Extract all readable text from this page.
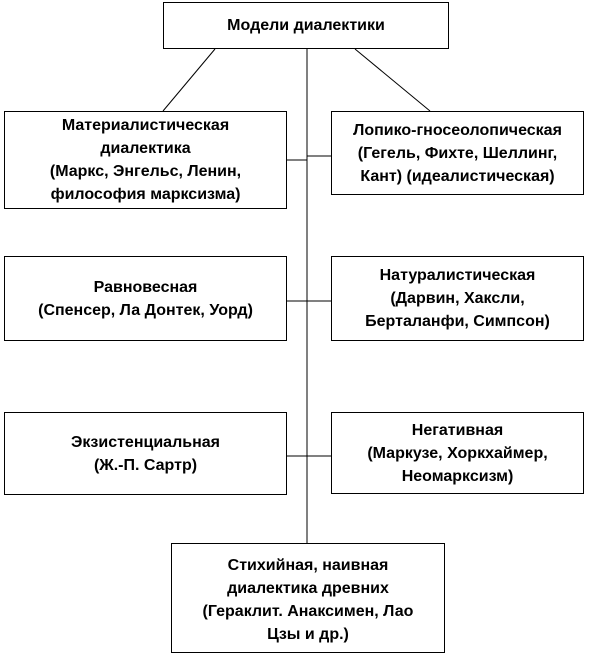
Модели диалектики
Материалистическая
диалектика
(Маркс, Энгельс, Ленин,
философия марксизма)
Лопико-гносеолопическая
(Гегель, Фихте, Шеллинг,
Кант) (идеалистическая)
Равновесная
(Спенсер, Ла Донтек, Уорд)
Натуралистическая
(Дарвин, Хаксли,
Берталанфи, Симпсон)
Экзистенциальная
(Ж.-П. Сартр)
Негативная
(Маркузе, Хоркхаймер,
Неомарксизм)
Стихийная, наивная
диалектика древних
(Гераклит. Анаксимен, Лао
Цзы и др.)
